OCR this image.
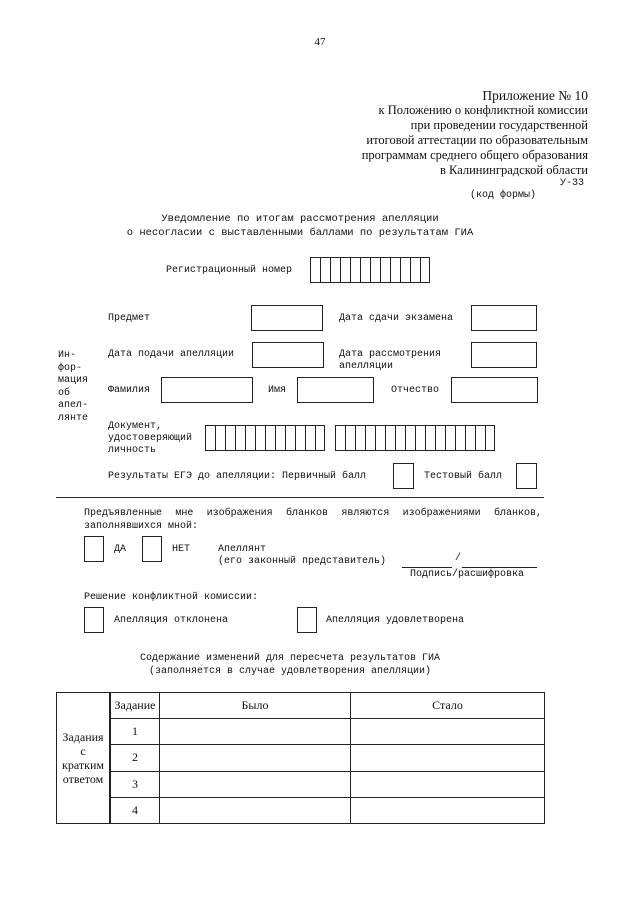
47
Приложение № 10
к Положению о конфликтной комиссии
при проведении государственной
итоговой аттестации по образовательным
программам среднего общего образования
в Калининградской области
У-33
(код формы)
Уведомление по итогам рассмотрения апелляции
о несогласии с выставленными баллами по результатам ГИА
Регистрационный номер
Ин-
фор-
мация
об
апел-
лянте
Предмет	Дата сдачи экзамена
Дата подачи апелляции	Дата рассмотрения апелляции
Фамилия	Имя	Отчество
Документ, удостоверяющий личность
Результаты ЕГЭ до апелляции: Первичный балл	Тестовый балл
Предъявленные мне изображения бланков являются изображениями бланков, заполнявшихся мной:
ДА	НЕТ	Апеллянт
(его законный представитель)	/
Подпись/расшифровка
Решение конфликтной комиссии:
Апелляция отклонена	Апелляция удовлетворена
Содержание изменений для пересчета результатов ГИА
(заполняется в случае удовлетворения апелляции)
Задания
с
кратким
ответом	Задание	Было	Стало
	1		
	2		
	3		
	4		
